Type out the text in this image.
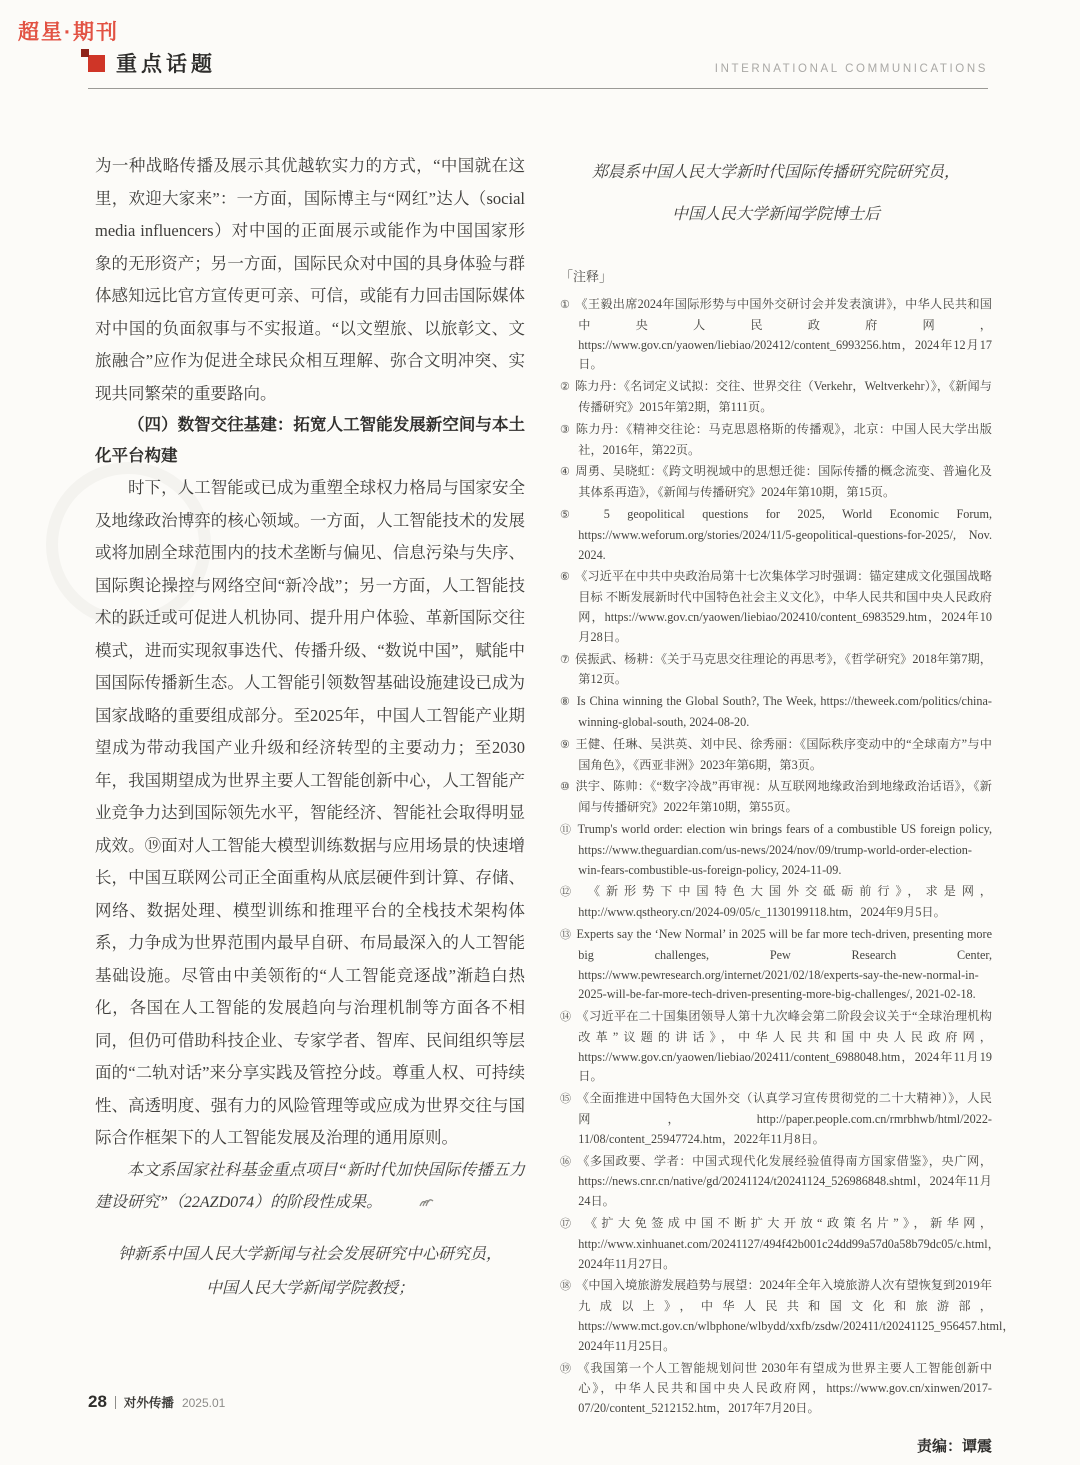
超星·期刊
重点话题	INTERNATIONAL COMMUNICATIONS

为一种战略传播及展示其优越软实力的方式，“中国就在这里，欢迎大家来”：一方面，国际博主与“网红”达人（social media influencers）对中国的正面展示或能作为中国国家形象的无形资产；另一方面，国际民众对中国的具身体验与群体感知远比官方宣传更可亲、可信，或能有力回击国际媒体对中国的负面叙事与不实报道。“以文塑旅、以旅彰文、文旅融合”应作为促进全球民众相互理解、弥合文明冲突、实现共同繁荣的重要路向。

（四）数智交往基建：拓宽人工智能发展新空间与本土化平台构建

时下，人工智能或已成为重塑全球权力格局与国家安全及地缘政治博弈的核心领域。一方面，人工智能技术的发展或将加剧全球范围内的技术垄断与偏见、信息污染与失序、国际舆论操控与网络空间“新冷战”；另一方面，人工智能技术的跃迁或可促进人机协同、提升用户体验、革新国际交往模式，进而实现叙事迭代、传播升级、“数说中国”，赋能中国国际传播新生态。人工智能引领数智基础设施建设已成为国家战略的重要组成部分。至2025年，中国人工智能产业期望成为带动我国产业升级和经济转型的主要动力；至2030年，我国期望成为世界主要人工智能创新中心，人工智能产业竞争力达到国际领先水平，智能经济、智能社会取得明显成效。⑲面对人工智能大模型训练数据与应用场景的快速增长，中国互联网公司正全面重构从底层硬件到计算、存储、网络、数据处理、模型训练和推理平台的全栈技术架构体系，力争成为世界范围内最早自研、布局最深入的人工智能基础设施。尽管由中美领衔的“人工智能竞逐战”渐趋白热化，各国在人工智能的发展趋向与治理机制等方面各不相同，但仍可借助科技企业、专家学者、智库、民间组织等层面的“二轨对话”来分享实践及管控分歧。尊重人权、可持续性、高透明度、强有力的风险管理等或应成为世界交往与国际合作框架下的人工智能发展及治理的通用原则。

本文系国家社科基金重点项目“新时代加快国际传播五力建设研究”（22AZD074）的阶段性成果。

钟新系中国人民大学新闻与社会发展研究中心研究员，
中国人民大学新闻学院教授；
郑晨系中国人民大学新时代国际传播研究院研究员，
中国人民大学新闻学院博士后
「注释」
① 《王毅出席2024年国际形势与中国外交研讨会并发表演讲》，中华人民共和国中央人民政府网，https://www.gov.cn/yaowen/liebiao/202412/content_6993256.htm，2024年12月17日。
② 陈力丹：《名词定义试拟：交往、世界交往（Verkehr，Weltverkehr）》，《新闻与传播研究》2015年第2期，第111页。
③ 陈力丹：《精神交往论：马克思恩格斯的传播观》，北京：中国人民大学出版社，2016年，第22页。
④ 周勇、吴晓虹：《跨文明视域中的思想迁徙：国际传播的概念流变、普遍化及其体系再造》，《新闻与传播研究》2024年第10期，第15页。
⑤ 5 geopolitical questions for 2025, World Economic Forum, https://www.weforum.org/stories/2024/11/5-geopolitical-questions-for-2025/, Nov. 2024.
⑥ 《习近平在中共中央政治局第十七次集体学习时强调：锚定建成文化强国战略目标 不断发展新时代中国特色社会主义文化》，中华人民共和国中央人民政府网，https://www.gov.cn/yaowen/liebiao/202410/content_6983529.htm，2024年10月28日。
⑦ 侯振武、杨耕：《关于马克思交往理论的再思考》，《哲学研究》2018年第7期，第12页。
⑧ Is China winning the Global South?, The Week, https://theweek.com/politics/china-winning-global-south, 2024-08-20.
⑨ 王健、任琳、吴洪英、刘中民、徐秀丽：《国际秩序变动中的“全球南方”与中国角色》，《西亚非洲》2023年第6期，第3页。
⑩ 洪宇、陈帅：《“数字冷战”再审视：从互联网地缘政治到地缘政治话语》，《新闻与传播研究》2022年第10期，第55页。
⑪ Trump's world order: election win brings fears of a combustible US foreign policy, https://www.theguardian.com/us-news/2024/nov/09/trump-world-order-election-win-fears-combustible-us-foreign-policy, 2024-11-09.
⑫ 《新形势下中国特色大国外交砥砺前行》，求是网，http://www.qstheory.cn/2024-09/05/c_1130199118.htm，2024年9月5日。
⑬ Experts say the ‘New Normal’ in 2025 will be far more tech-driven, presenting more big challenges, Pew Research Center, https://www.pewresearch.org/internet/2021/02/18/experts-say-the-new-normal-in-2025-will-be-far-more-tech-driven-presenting-more-big-challenges/, 2021-02-18.
⑭ 《习近平在二十国集团领导人第十九次峰会第二阶段会议关于“全球治理机构改革”议题的讲话》，中华人民共和国中央人民政府网，https://www.gov.cn/yaowen/liebiao/202411/content_6988048.htm，2024年11月19日。
⑮ 《全面推进中国特色大国外交（认真学习宣传贯彻党的二十大精神）》，人民网，http://paper.people.com.cn/rmrbhwb/html/2022-11/08/content_25947724.htm，2022年11月8日。
⑯ 《多国政要、学者：中国式现代化发展经验值得南方国家借鉴》，央广网，https://news.cnr.cn/native/gd/20241124/t20241124_526986848.shtml，2024年11月24日。
⑰ 《扩大免签成中国不断扩大开放“政策名片”》，新华网，http://www.xinhuanet.com/20241127/494f42b001c24dd99a57d0a58b79dc05/c.html，2024年11月27日。
⑱ 《中国入境旅游发展趋势与展望：2024年全年入境旅游人次有望恢复到2019年九成以上》，中华人民共和国文化和旅游部，https://www.mct.gov.cn/wlbphone/wlbydd/xxfb/zsdw/202411/t20241125_956457.html，2024年11月25日。
⑲ 《我国第一个人工智能规划问世 2030年有望成为世界主要人工智能创新中心》，中华人民共和国中央人民政府网，https://www.gov.cn/xinwen/2017-07/20/content_5212152.htm，2017年7月20日。
责编：谭震
28 对外传播 2025.01
